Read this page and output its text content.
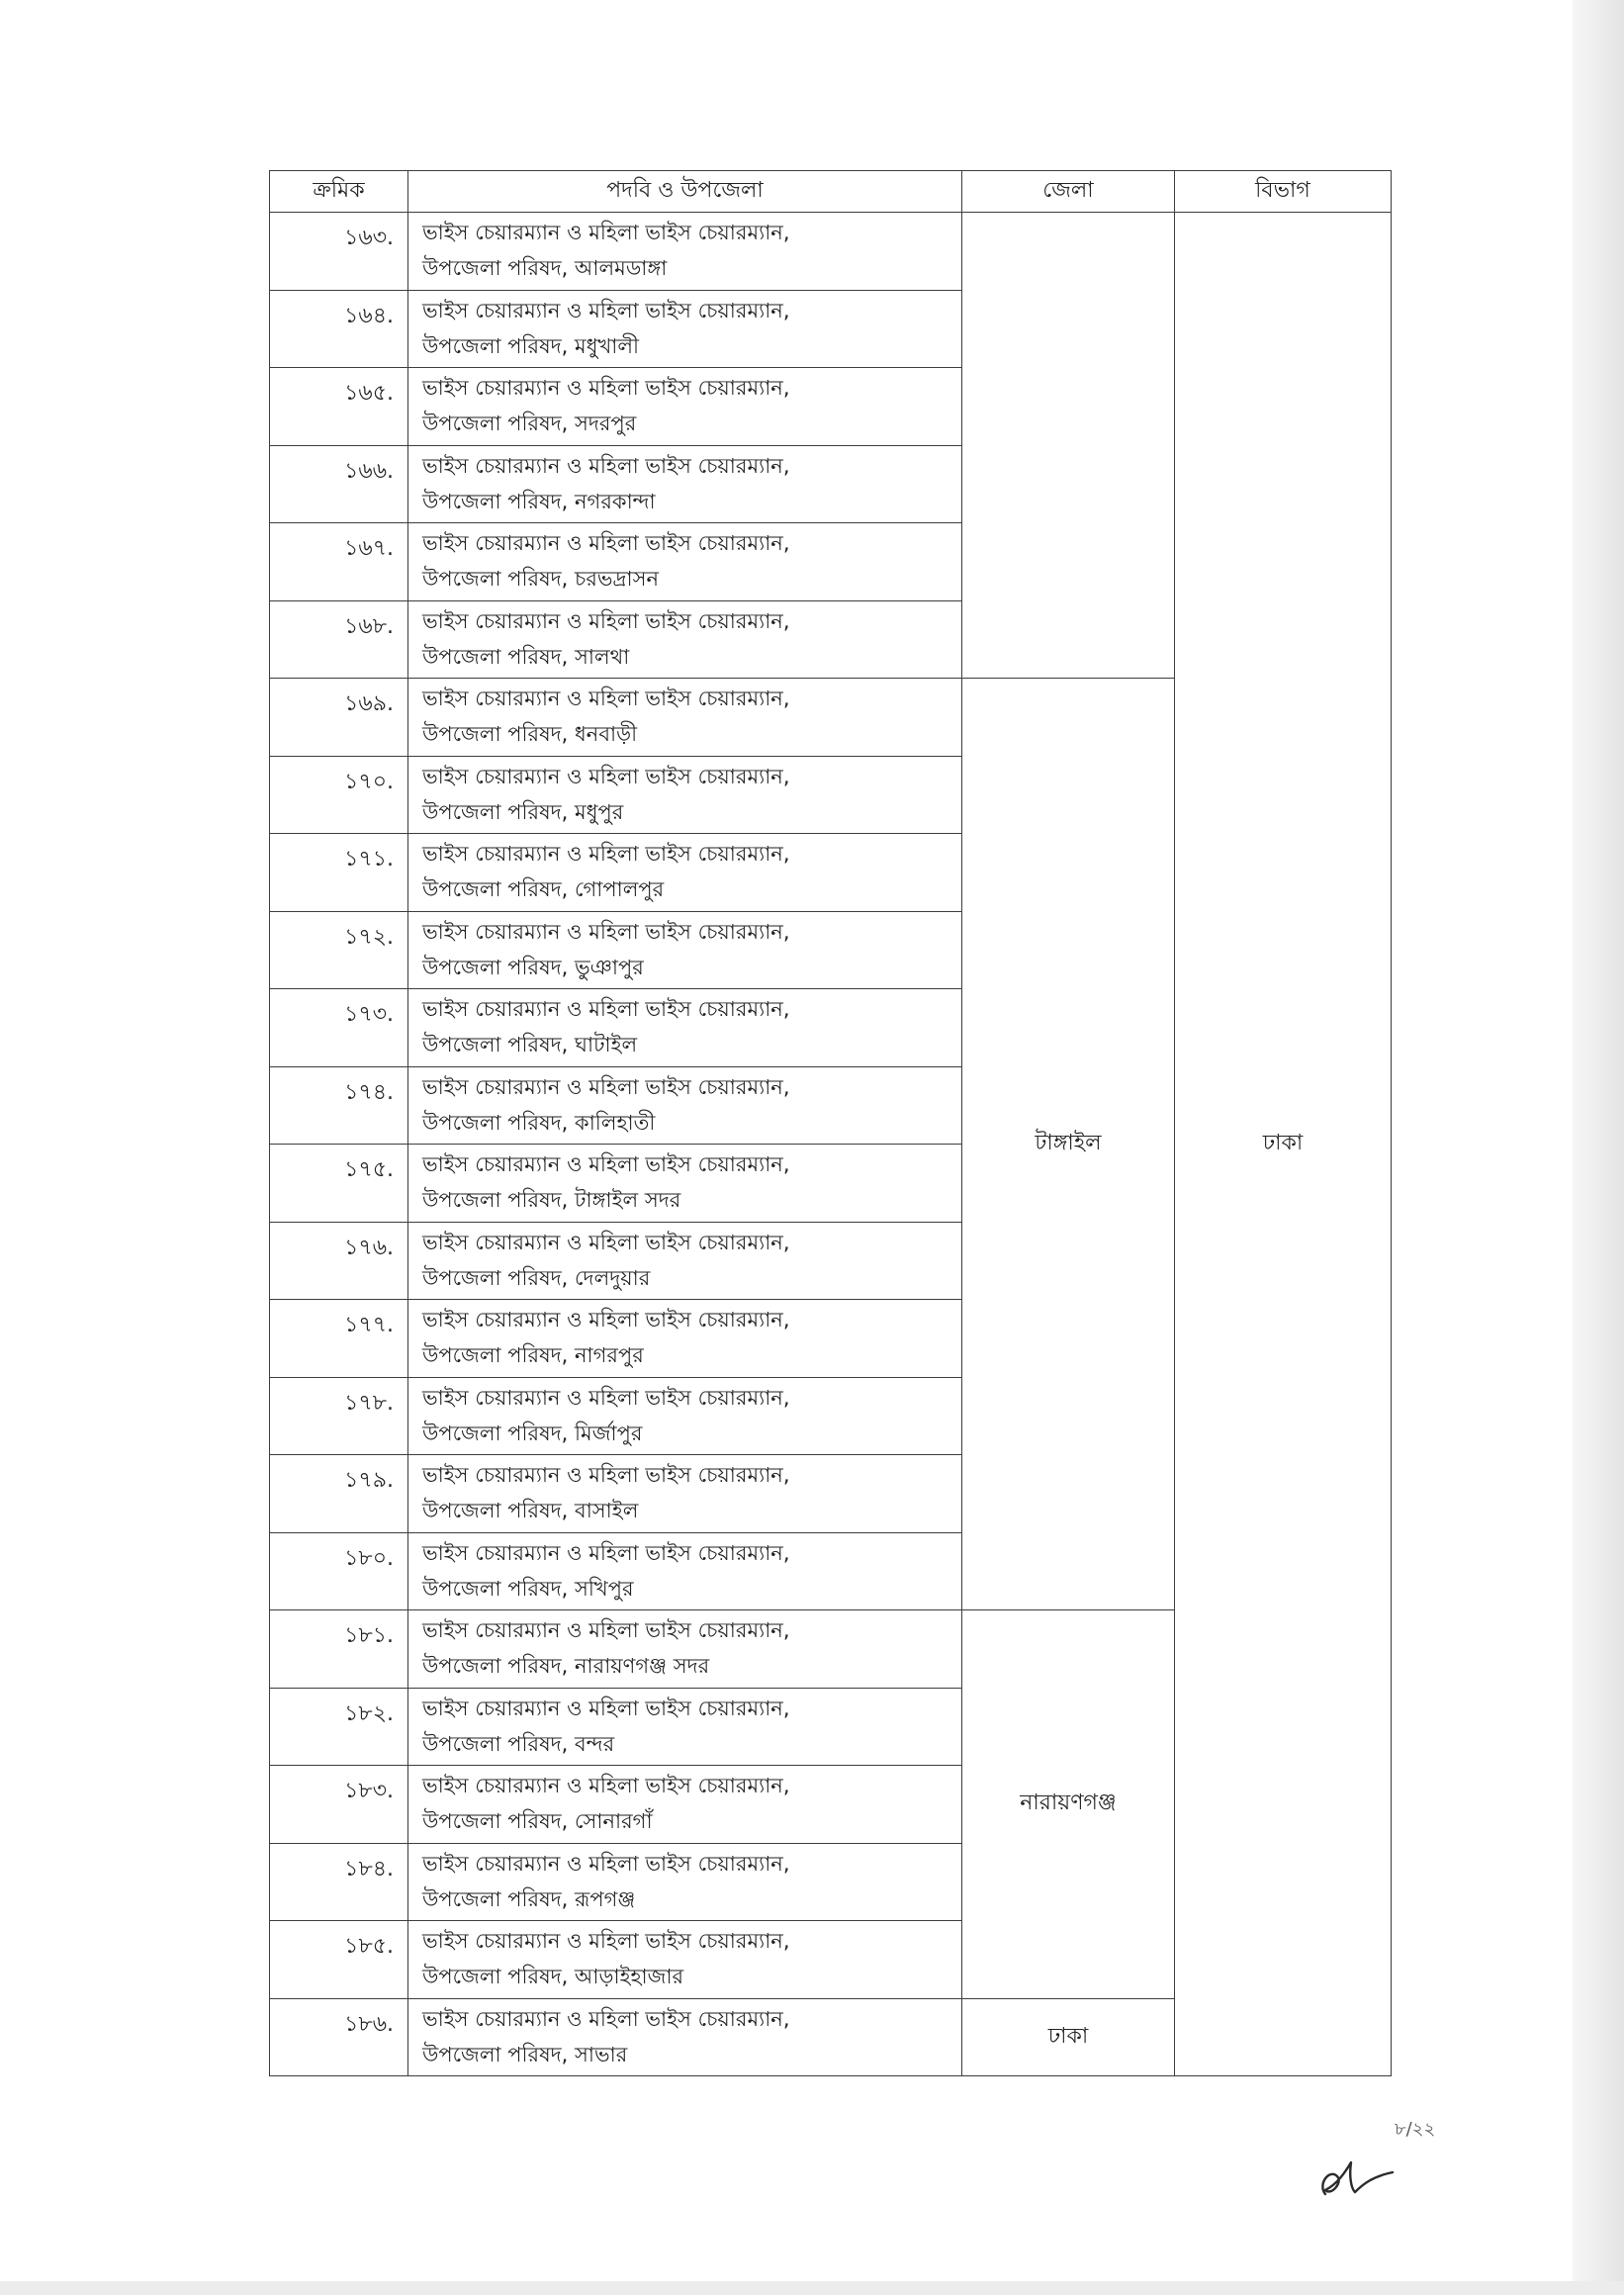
ক্রমিক	পদবি ও উপজেলা	জেলা	বিভাগ
১৬৩.	ভাইস চেয়ারম্যান ও মহিলা ভাইস চেয়ারম্যান,
উপজেলা পরিষদ, আলমডাঙ্গা		ঢাকা
১৬৪.	ভাইস চেয়ারম্যান ও মহিলা ভাইস চেয়ারম্যান,
উপজেলা পরিষদ, মধুখালী		

১৬৫.	ভাইস চেয়ারম্যান ও মহিলা ভাইস চেয়ারম্যান,
উপজেলা পরিষদ, সদরপুর		

১৬৬.	ভাইস চেয়ারম্যান ও মহিলা ভাইস চেয়ারম্যান,
উপজেলা পরিষদ, নগরকান্দা		

১৬৭.	ভাইস চেয়ারম্যান ও মহিলা ভাইস চেয়ারম্যান,
উপজেলা পরিষদ, চরভদ্রাসন		

১৬৮.	ভাইস চেয়ারম্যান ও মহিলা ভাইস চেয়ারম্যান,
উপজেলা পরিষদ, সালথা		

১৬৯.	ভাইস চেয়ারম্যান ও মহিলা ভাইস চেয়ারম্যান,
উপজেলা পরিষদ, ধনবাড়ী	টাঙ্গাইল	
১৭০.	ভাইস চেয়ারম্যান ও মহিলা ভাইস চেয়ারম্যান,
উপজেলা পরিষদ, মধুপুর		

১৭১.	ভাইস চেয়ারম্যান ও মহিলা ভাইস চেয়ারম্যান,
উপজেলা পরিষদ, গোপালপুর		

১৭২.	ভাইস চেয়ারম্যান ও মহিলা ভাইস চেয়ারম্যান,
উপজেলা পরিষদ, ভুঞাপুর		

১৭৩.	ভাইস চেয়ারম্যান ও মহিলা ভাইস চেয়ারম্যান,
উপজেলা পরিষদ, ঘাটাইল		

১৭৪.	ভাইস চেয়ারম্যান ও মহিলা ভাইস চেয়ারম্যান,
উপজেলা পরিষদ, কালিহাতী		

১৭৫.	ভাইস চেয়ারম্যান ও মহিলা ভাইস চেয়ারম্যান,
উপজেলা পরিষদ, টাঙ্গাইল সদর		

১৭৬.	ভাইস চেয়ারম্যান ও মহিলা ভাইস চেয়ারম্যান,
উপজেলা পরিষদ, দেলদুয়ার		

১৭৭.	ভাইস চেয়ারম্যান ও মহিলা ভাইস চেয়ারম্যান,
উপজেলা পরিষদ, নাগরপুর		

১৭৮.	ভাইস চেয়ারম্যান ও মহিলা ভাইস চেয়ারম্যান,
উপজেলা পরিষদ, মির্জাপুর		

১৭৯.	ভাইস চেয়ারম্যান ও মহিলা ভাইস চেয়ারম্যান,
উপজেলা পরিষদ, বাসাইল		

১৮০.	ভাইস চেয়ারম্যান ও মহিলা ভাইস চেয়ারম্যান,
উপজেলা পরিষদ, সখিপুর		

১৮১.	ভাইস চেয়ারম্যান ও মহিলা ভাইস চেয়ারম্যান,
উপজেলা পরিষদ, নারায়ণগঞ্জ সদর	নারায়ণগঞ্জ	
১৮২.	ভাইস চেয়ারম্যান ও মহিলা ভাইস চেয়ারম্যান,
উপজেলা পরিষদ, বন্দর		

১৮৩.	ভাইস চেয়ারম্যান ও মহিলা ভাইস চেয়ারম্যান,
উপজেলা পরিষদ, সোনারগাঁ		

১৮৪.	ভাইস চেয়ারম্যান ও মহিলা ভাইস চেয়ারম্যান,
উপজেলা পরিষদ, রূপগঞ্জ		

১৮৫.	ভাইস চেয়ারম্যান ও মহিলা ভাইস চেয়ারম্যান,
উপজেলা পরিষদ, আড়াইহাজার		

১৮৬.	ভাইস চেয়ারম্যান ও মহিলা ভাইস চেয়ারম্যান,
উপজেলা পরিষদ, সাভার	ঢাকা	
৮/২২
